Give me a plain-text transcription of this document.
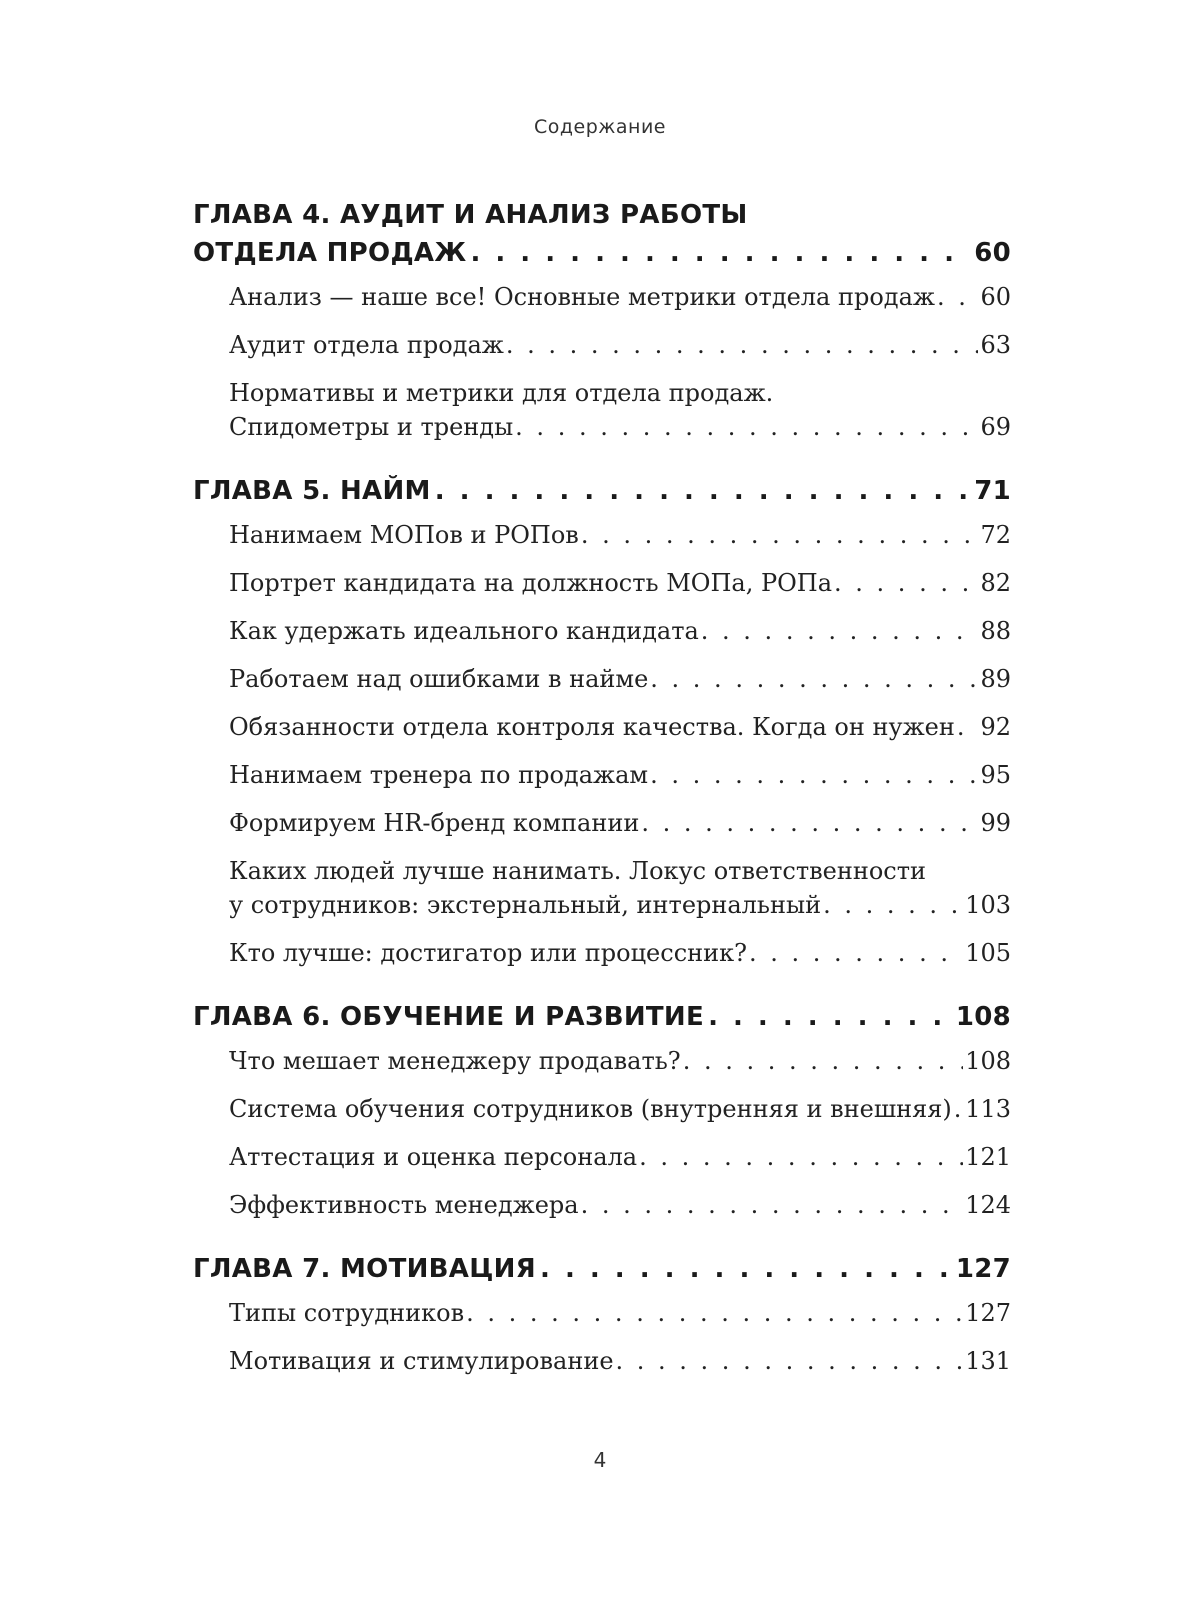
Содержание
ГЛАВА 4. АУДИТ И АНАЛИЗ РАБОТЫ
ОТДЕЛА ПРОДАЖ . . .	60
Анализ — наше все! Основные метрики отдела продаж . . . 60
Аудит отдела продаж . . .	63
Нормативы и метрики для отдела продаж.
Спидометры и тренды . . .	69
ГЛАВА 5. НАЙМ . . .	71
Нанимаем МОПов и РОПов . . .	72
Портрет кандидата на должность МОПа, РОПа . . .	82
Как удержать идеального кандидата . . .	88
Работаем над ошибками в найме . . .	89
Обязанности отдела контроля качества. Когда он нужен . . . 92
Нанимаем тренера по продажам . . .	95
Формируем HR-бренд компании . . .	99
Каких людей лучше нанимать. Локус ответственности
у сотрудников: экстернальный, интернальный . . .	103
Кто лучше: достигатор или процессник? . . .	105
ГЛАВА 6. ОБУЧЕНИЕ И РАЗВИТИЕ . . .	108
Что мешает менеджеру продавать? . . .	108
Система обучения сотрудников (внутренняя и внешняя) . . . 113
Аттестация и оценка персонала . . .	121
Эффективность менеджера . . .	124
ГЛАВА 7. МОТИВАЦИЯ . . .	127
Типы сотрудников . . .	127
Мотивация и стимулирование . . .	131
4
